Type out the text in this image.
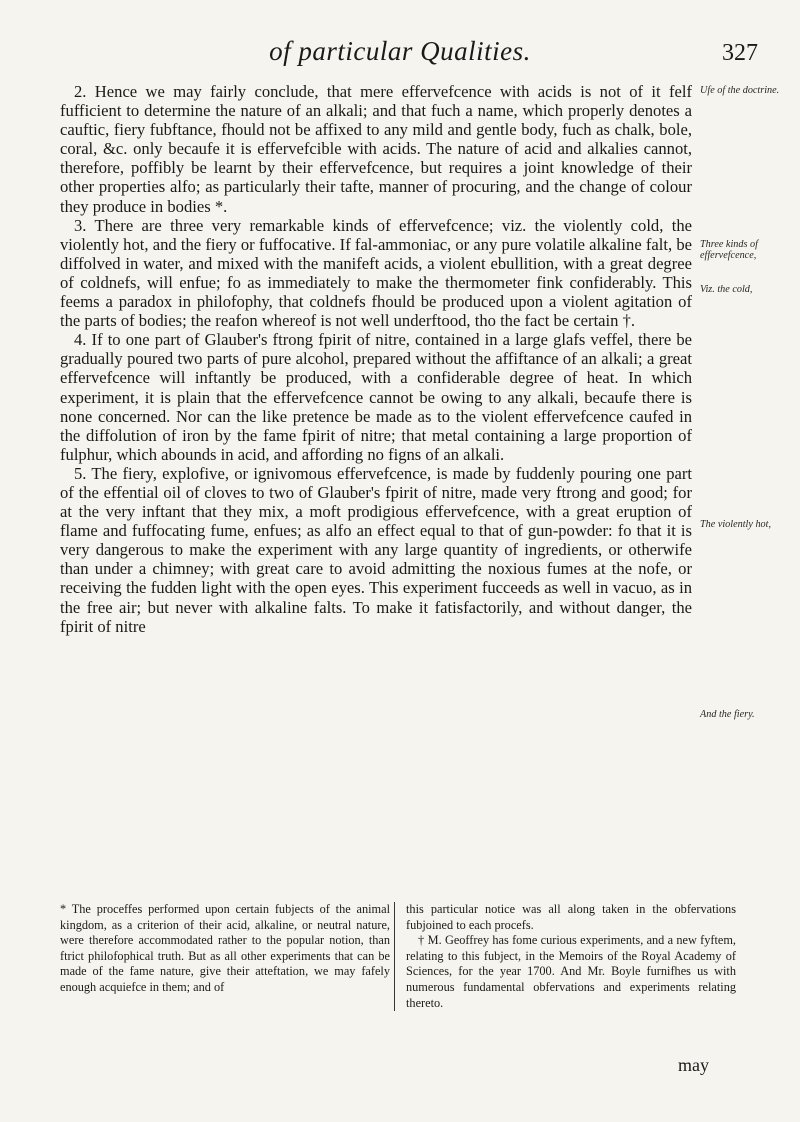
of particular Qualities.	327

2. Hence we may fairly conclude, that mere effervefcence with acids is not of it felf fufficient to determine the nature of an alkali; and that fuch a name, which properly denotes a cauftic, fiery fubftance, fhould not be affixed to any mild and gentle body, fuch as chalk, bole, coral, &c. only becaufe it is effervefcible with acids. The nature of acid and alkalies cannot, therefore, poffibly be learnt by their effervefcence, but requires a joint knowledge of their other properties alfo; as particularly their tafte, manner of procuring, and the change of colour they produce in bodies *.

3. There are three very remarkable kinds of effervefcence; viz. the violently cold, the violently hot, and the fiery or fuffocative. If fal-ammoniac, or any pure volatile alkaline falt, be diffolved in water, and mixed with the manifeft acids, a violent ebullition, with a great degree of coldnefs, will enfue; fo as immediately to make the thermometer fink confiderably. This feems a paradox in philofophy, that coldnefs fhould be produced upon a violent agitation of the parts of bodies; the reafon whereof is not well underftood, tho the fact be certain †.

4. If to one part of Glauber's ftrong fpirit of nitre, contained in a large glafs veffel, there be gradually poured two parts of pure alcohol, prepared without the affiftance of an alkali; a great effervefcence will inftantly be produced, with a confiderable degree of heat. In which experiment, it is plain that the effervefcence cannot be owing to any alkali, becaufe there is none concerned. Nor can the like pretence be made as to the violent effervefcence caufed in the diffolution of iron by the fame fpirit of nitre; that metal containing a large proportion of fulphur, which abounds in acid, and affording no figns of an alkali.

5. The fiery, explofive, or ignivomous effervefcence, is made by fuddenly pouring one part of the effential oil of cloves to two of Glauber's fpirit of nitre, made very ftrong and good; for at the very inftant that they mix, a moft prodigious effervefcence, with a great eruption of flame and fuffocating fume, enfues; as alfo an effect equal to that of gun-powder: fo that it is very dangerous to make the experiment with any large quantity of ingredients, or otherwife than under a chimney; with great care to avoid admitting the noxious fumes at the nofe, or receiving the fudden light with the open eyes. This experiment fucceeds as well in vacuo, as in the free air; but never with alkaline falts. To make it fatisfactorily, and without danger, the fpirit of nitre

Ufe of the doctrine.
Three kinds of effervefcence,
Viz. the cold,
The violently hot,
And the fiery.

* The proceffes performed upon certain fubjects of the animal kingdom, as a criterion of their acid, alkaline, or neutral nature, were therefore accommodated rather to the popular notion, than ftrict philofophical truth. But as all other experiments that can be made of the fame nature, give their atteftation, we may fafely enough acquiefce in them; and of

this particular notice was all along taken in the obfervations fubjoined to each procefs.

† M. Geoffrey has fome curious experiments, and a new fyftem, relating to this fubject, in the Memoirs of the Royal Academy of Sciences, for the year 1700. And Mr. Boyle furnifhes us with numerous fundamental obfervations and experiments relating thereto.

may
